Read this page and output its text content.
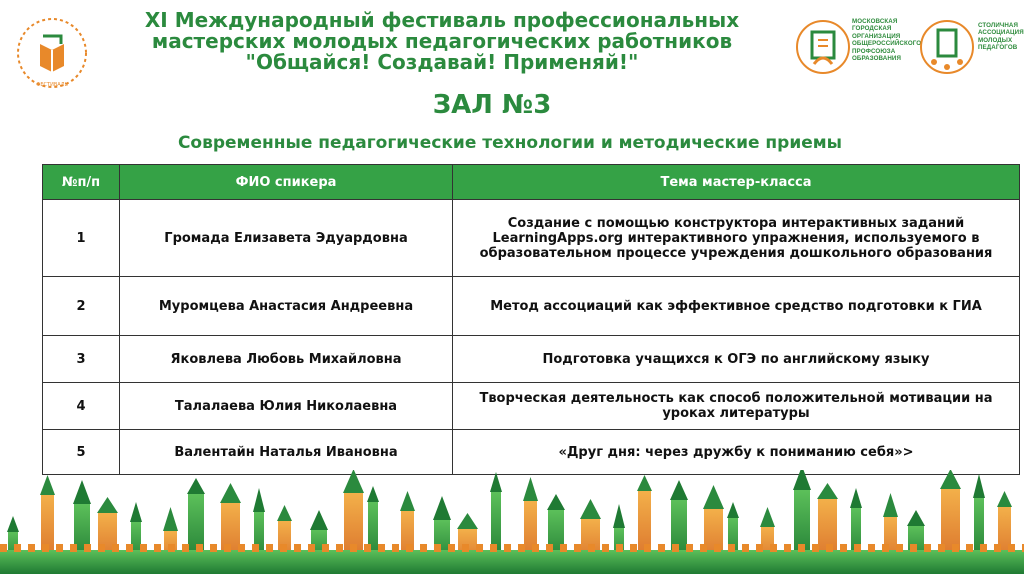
ФЕСТИВАЛЬ
XI Международный фестиваль профессиональных
мастерских молодых педагогических работников
"Общайся! Создавай! Применяй!"
МОСКОВСКАЯ
ГОРОДСКАЯ
ОРГАНИЗАЦИЯ
ОБЩЕРОССИЙСКОГО
ПРОФСОЮЗА
ОБРАЗОВАНИЯ
СТОЛИЧНАЯ
АССОЦИАЦИЯ
МОЛОДЫХ
ПЕДАГОГОВ
ЗАЛ №3
Современные педагогические технологии и методические приемы
№п/п	ФИО спикера	Тема мастер-класса
1	Громада Елизавета Эдуардовна	Создание с помощью конструктора интерактивных заданий LearningApps.org интерактивного упражнения, используемого в образовательном процессе учреждения дошкольного образования
2	Муромцева Анастасия Андреевна	Метод ассоциаций как эффективное средство подготовки к ГИА
3	Яковлева Любовь Михайловна	Подготовка учащихся к ОГЭ по английскому языку
4	Талалаева Юлия Николаевна	Творческая деятельность как способ положительной мотивации на уроках литературы
5	Валентайн Наталья Ивановна	«Друг дня: через дружбу к пониманию себя»>
